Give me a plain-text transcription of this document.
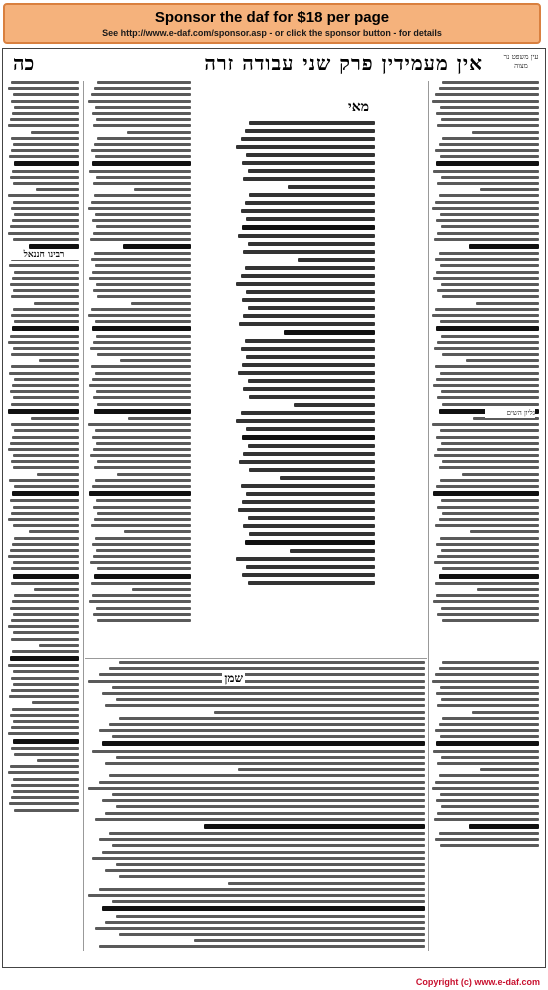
Sponsor the daf for $18 per page
See http://www.e-daf.com/sponsor.asp - or click the sponsor button - for details
עין משפט נר מצוה
אין מעמידין פרק שני עבודה זרה
כה
מאי
רבינו חננאל
שמן
גליון השים
Copyright (c) www.e-daf.com
